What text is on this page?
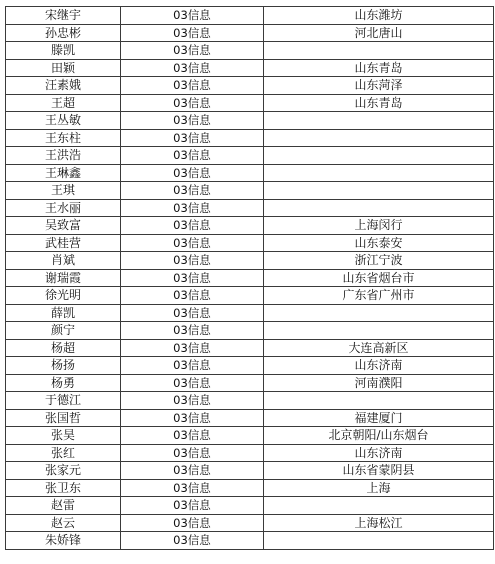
宋继宇	03信息	山东潍坊
孙忠彬	03信息	河北唐山
滕凯	03信息	
田颖	03信息	山东青岛
汪素娥	03信息	山东菏泽
王超	03信息	山东青岛
王丛敏	03信息	
王东柱	03信息	
王洪浩	03信息	
王琳鑫	03信息	
王琪	03信息	
王水丽	03信息	
吴致富	03信息	上海闵行
武桂营	03信息	山东泰安
肖斌	03信息	浙江宁波
谢瑞霞	03信息	山东省烟台市
徐光明	03信息	广东省广州市
薛凯	03信息	
颜宁	03信息	
杨超	03信息	大连高新区
杨扬	03信息	山东济南
杨勇	03信息	河南濮阳
于德江	03信息	
张国哲	03信息	福建厦门
张昊	03信息	北京朝阳/山东烟台
张红	03信息	山东济南
张家元	03信息	山东省蒙阴县
张卫东	03信息	上海
赵雷	03信息	
赵云	03信息	上海松江
朱娇锋	03信息	
